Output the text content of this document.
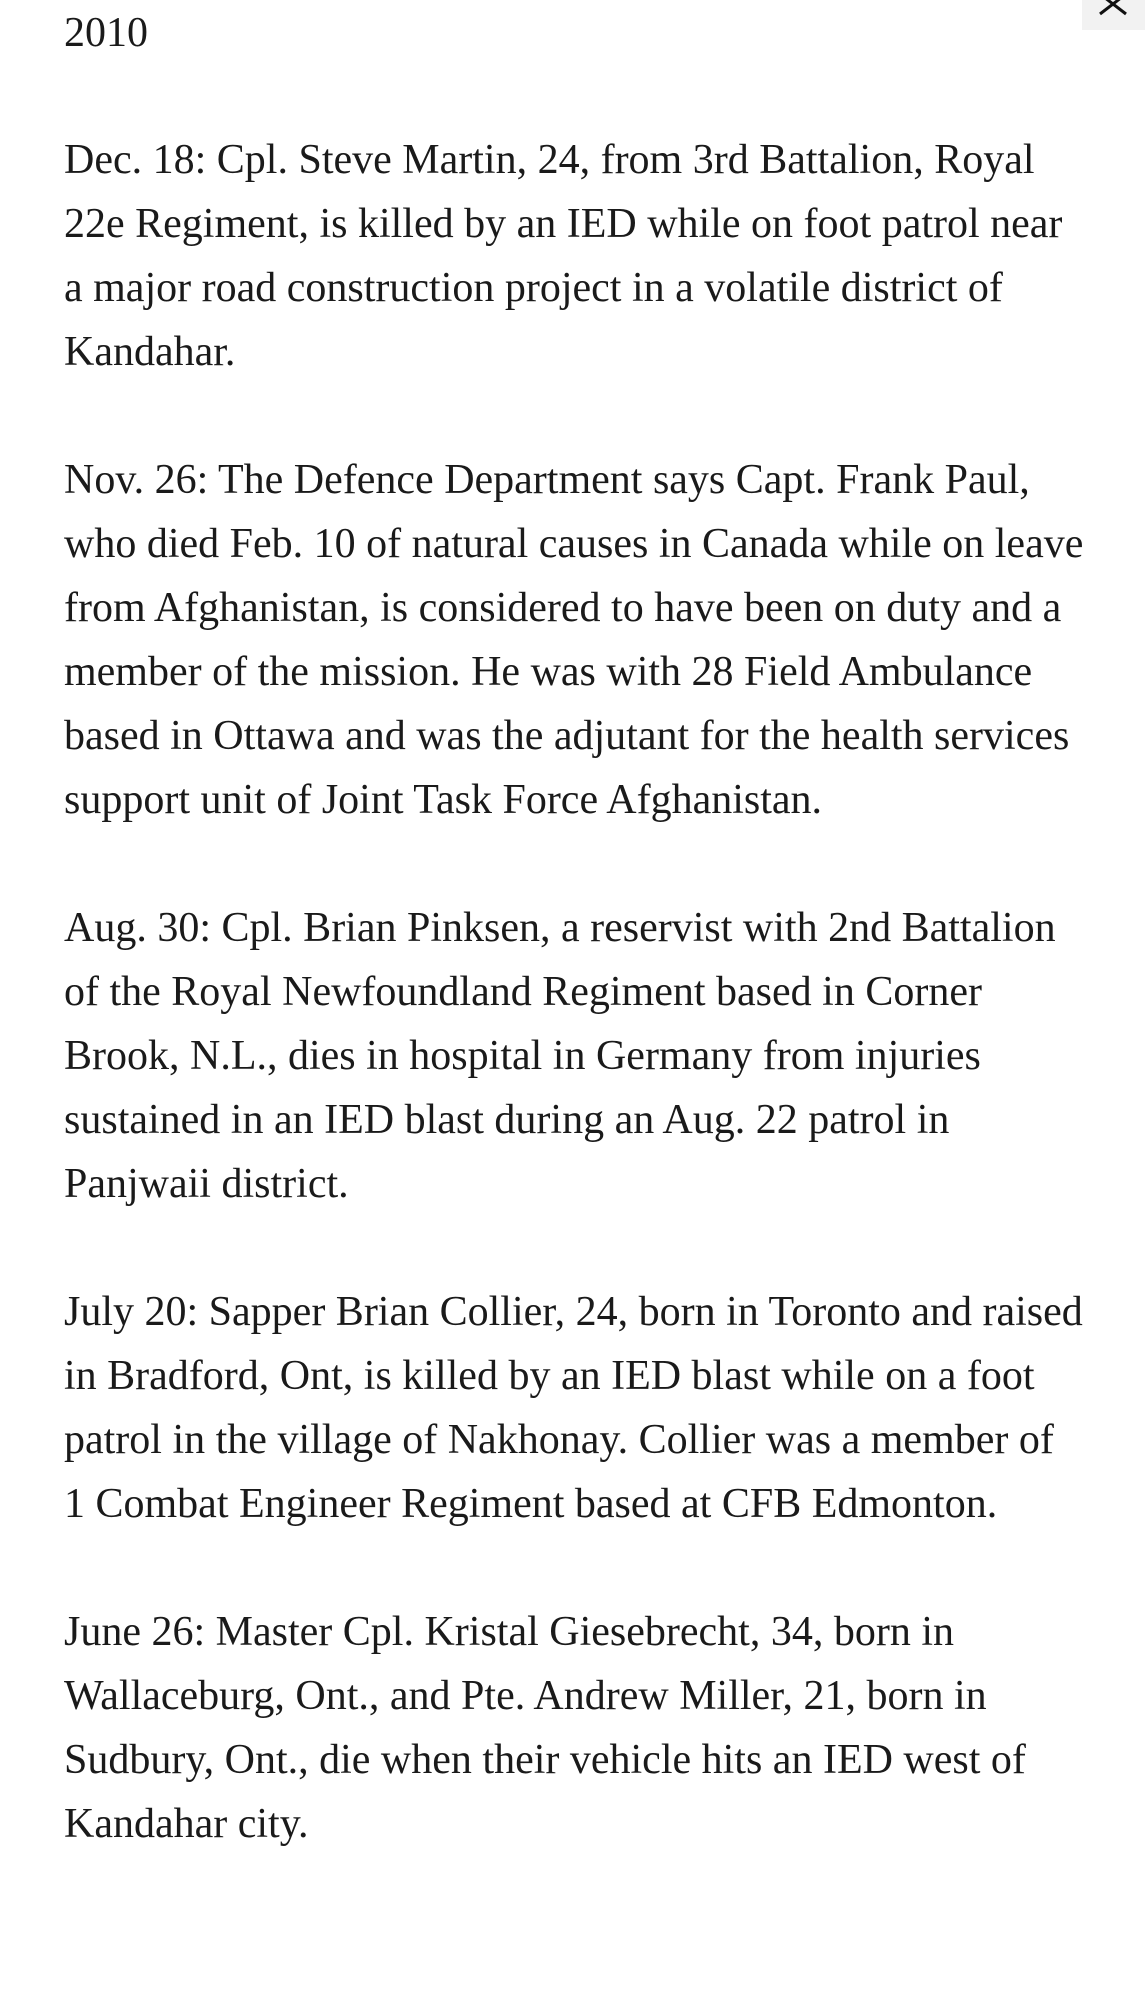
2010

Dec. 18: Cpl. Steve Martin, 24, from 3rd Battalion, Royal 22e Regiment, is killed by an IED while on foot patrol near a major road construction project in a volatile district of Kandahar.

Nov. 26: The Defence Department says Capt. Frank Paul, who died Feb. 10 of natural causes in Canada while on leave from Afghanistan, is considered to have been on duty and a member of the mission. He was with 28 Field Ambulance based in Ottawa and was the adjutant for the health services support unit of Joint Task Force Afghanistan.

Aug. 30: Cpl. Brian Pinksen, a reservist with 2nd Battalion of the Royal Newfoundland Regiment based in Corner Brook, N.L., dies in hospital in Germany from injuries sustained in an IED blast during an Aug. 22 patrol in Panjwaii district.

July 20: Sapper Brian Collier, 24, born in Toronto and raised in Bradford, Ont, is killed by an IED blast while on a foot patrol in the village of Nakhonay. Collier was a member of 1 Combat Engineer Regiment based at CFB Edmonton.

June 26: Master Cpl. Kristal Giesebrecht, 34, born in Wallaceburg, Ont., and Pte. Andrew Miller, 21, born in Sudbury, Ont., die when their vehicle hits an IED west of Kandahar city.
